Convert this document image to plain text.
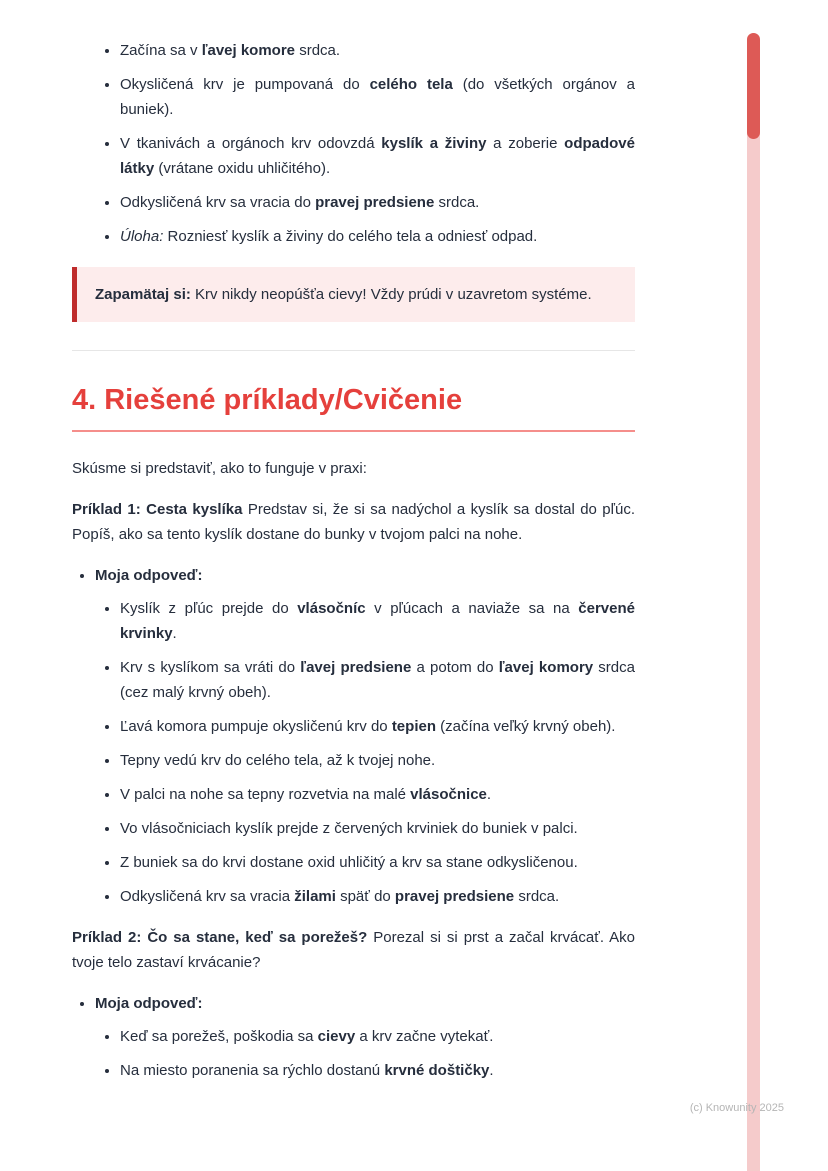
• Začína sa v ľavej komore srdca.
• Okysličená krv je pumpovaná do celého tela (do všetkých orgánov a buniek).
• V tkanivách a orgánoch krv odovzdá kyslík a živiny a zoberie odpadové látky (vrátane oxidu uhličitého).
• Odkysličená krv sa vracia do pravej predsiene srdca.
• Úloha: Rozniesť kyslík a živiny do celého tela a odniesť odpad.

Zapamätaj si: Krv nikdy neopúšťa cievy! Vždy prúdi v uzavretom systéme.

4. Riešené príklady/Cvičenie

Skúsme si predstaviť, ako to funguje v praxi:

Príklad 1: Cesta kyslíka Predstav si, že si sa nadýchol a kyslík sa dostal do pľúc. Popíš, ako sa tento kyslík dostane do bunky v tvojom palci na nohe.

• Moja odpoveď:
• Kyslík z pľúc prejde do vlásočníc v pľúcach a naviaže sa na červené krvinky.
• Krv s kyslíkom sa vráti do ľavej predsiene a potom do ľavej komory srdca (cez malý krvný obeh).
• Ľavá komora pumpuje okysličenú krv do tepien (začína veľký krvný obeh).
• Tepny vedú krv do celého tela, až k tvojej nohe.
• V palci na nohe sa tepny rozvetvia na malé vlásočnice.
• Vo vlásočniciach kyslík prejde z červených krviniek do buniek v palci.
• Z buniek sa do krvi dostane oxid uhličitý a krv sa stane odkysličenou.
• Odkysličená krv sa vracia žilami späť do pravej predsiene srdca.

Príklad 2: Čo sa stane, keď sa porežeš? Porezal si si prst a začal krvácať. Ako tvoje telo zastaví krvácanie?

• Moja odpoveď:
• Keď sa porežeš, poškodia sa cievy a krv začne vytekať.
• Na miesto poranenia sa rýchlo dostanú krvné doštičky.
(c) Knowunity 2025
